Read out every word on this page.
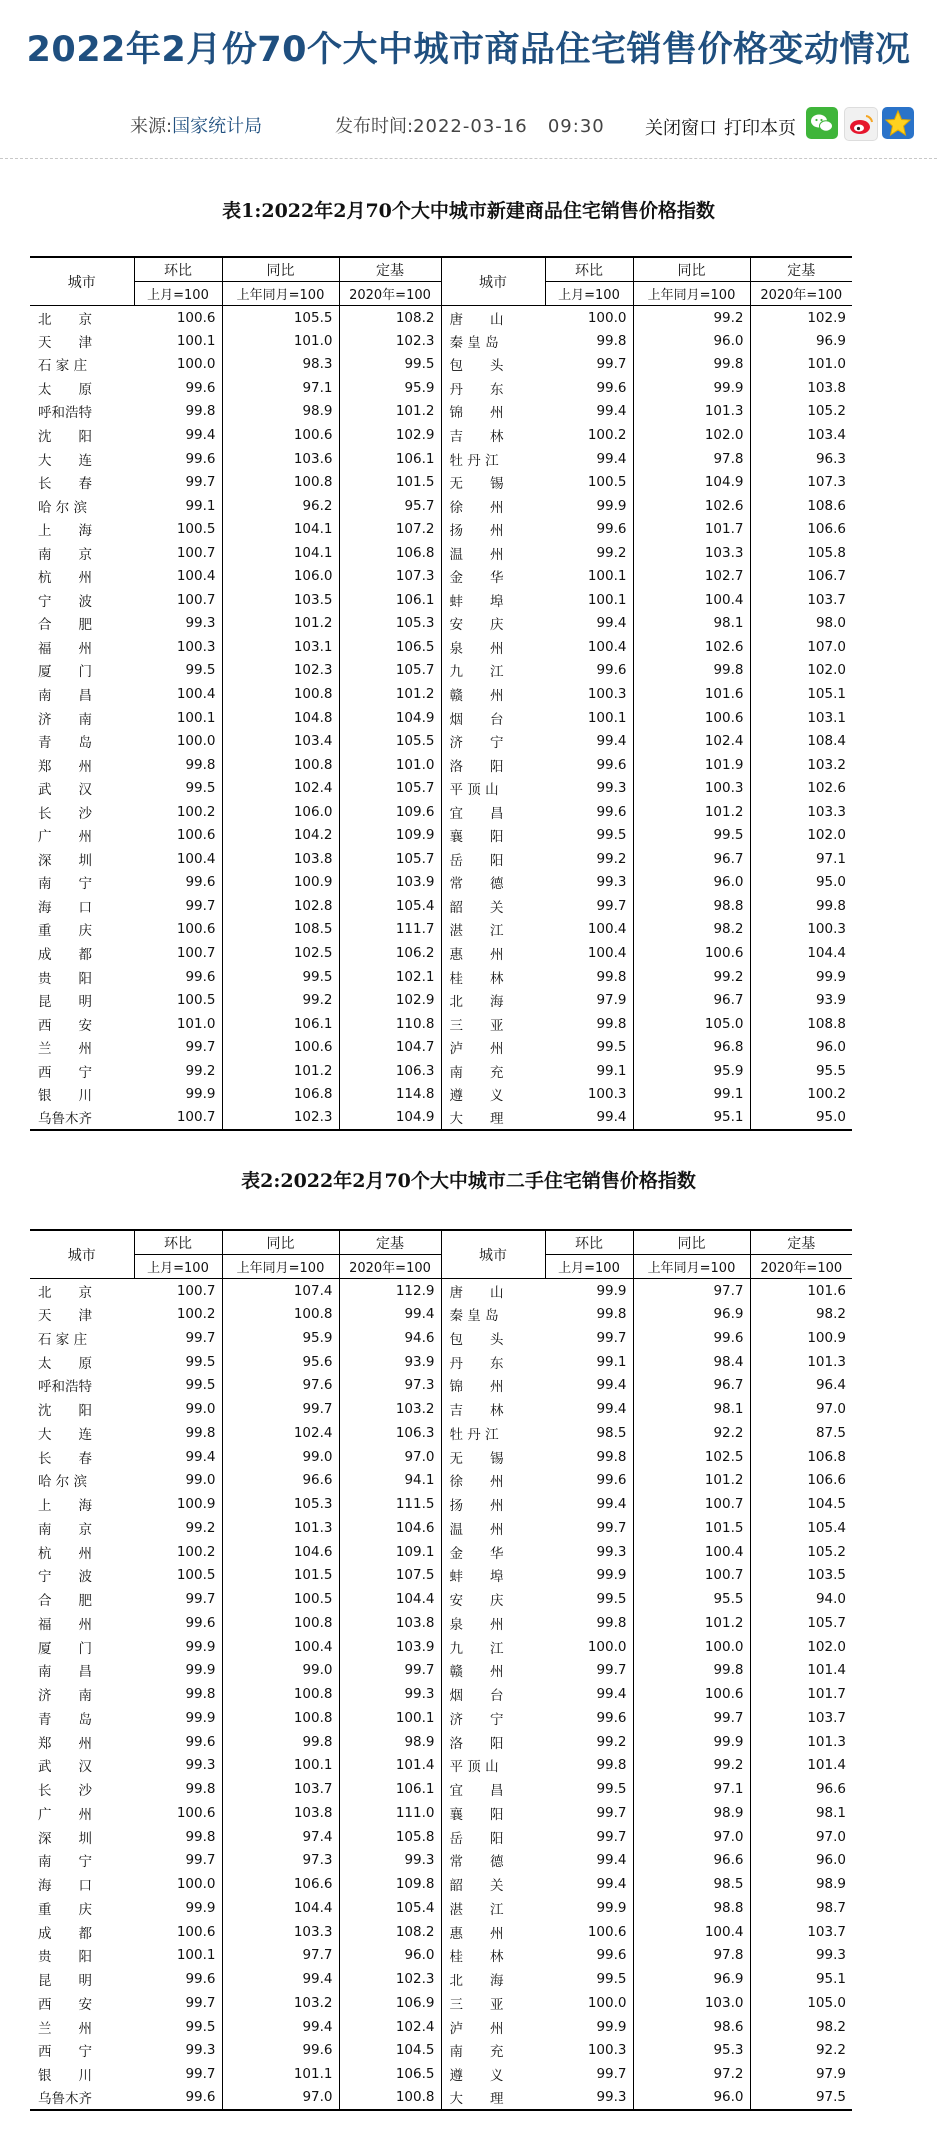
2022年2月份70个大中城市商品住宅销售价格变动情况
来源:国家统计局	发布时间:2022-03-16   09:30 关闭窗口 打印本页
表1:2022年2月70个大中城市新建商品住宅销售价格指数
城市	环比	同比	定基	城市	环比	同比	定基
	上月=100	上年同月=100	2020年=100		上月=100	上年同月=100	2020年=100
北　　京	100.6	105.5	108.2	唐　　山	100.0	99.2	102.9
天　　津	100.1	101.0	102.3	秦 皇 岛	99.8	96.0	96.9
石 家 庄	100.0	98.3	99.5	包　　头	99.7	99.8	101.0
太　　原	99.6	97.1	95.9	丹　　东	99.6	99.9	103.8
呼和浩特	99.8	98.9	101.2	锦　　州	99.4	101.3	105.2
沈　　阳	99.4	100.6	102.9	吉　　林	100.2	102.0	103.4
大　　连	99.6	103.6	106.1	牡 丹 江	99.4	97.8	96.3
长　　春	99.7	100.8	101.5	无　　锡	100.5	104.9	107.3
哈 尔 滨	99.1	96.2	95.7	徐　　州	99.9	102.6	108.6
上　　海	100.5	104.1	107.2	扬　　州	99.6	101.7	106.6
南　　京	100.7	104.1	106.8	温　　州	99.2	103.3	105.8
杭　　州	100.4	106.0	107.3	金　　华	100.1	102.7	106.7
宁　　波	100.7	103.5	106.1	蚌　　埠	100.1	100.4	103.7
合　　肥	99.3	101.2	105.3	安　　庆	99.4	98.1	98.0
福　　州	100.3	103.1	106.5	泉　　州	100.4	102.6	107.0
厦　　门	99.5	102.3	105.7	九　　江	99.6	99.8	102.0
南　　昌	100.4	100.8	101.2	赣　　州	100.3	101.6	105.1
济　　南	100.1	104.8	104.9	烟　　台	100.1	100.6	103.1
青　　岛	100.0	103.4	105.5	济　　宁	99.4	102.4	108.4
郑　　州	99.8	100.8	101.0	洛　　阳	99.6	101.9	103.2
武　　汉	99.5	102.4	105.7	平 顶 山	99.3	100.3	102.6
长　　沙	100.2	106.0	109.6	宜　　昌	99.6	101.2	103.3
广　　州	100.6	104.2	109.9	襄　　阳	99.5	99.5	102.0
深　　圳	100.4	103.8	105.7	岳　　阳	99.2	96.7	97.1
南　　宁	99.6	100.9	103.9	常　　德	99.3	96.0	95.0
海　　口	99.7	102.8	105.4	韶　　关	99.7	98.8	99.8
重　　庆	100.6	108.5	111.7	湛　　江	100.4	98.2	100.3
成　　都	100.7	102.5	106.2	惠　　州	100.4	100.6	104.4
贵　　阳	99.6	99.5	102.1	桂　　林	99.8	99.2	99.9
昆　　明	100.5	99.2	102.9	北　　海	97.9	96.7	93.9
西　　安	101.0	106.1	110.8	三　　亚	99.8	105.0	108.8
兰　　州	99.7	100.6	104.7	泸　　州	99.5	96.8	96.0
西　　宁	99.2	101.2	106.3	南　　充	99.1	95.9	95.5
银　　川	99.9	106.8	114.8	遵　　义	100.3	99.1	100.2
乌鲁木齐	100.7	102.3	104.9	大　　理	99.4	95.1	95.0
表2:2022年2月70个大中城市二手住宅销售价格指数
城市	环比	同比	定基	城市	环比	同比	定基
	上月=100	上年同月=100	2020年=100		上月=100	上年同月=100	2020年=100
北　　京	100.7	107.4	112.9	唐　　山	99.9	97.7	101.6
天　　津	100.2	100.8	99.4	秦 皇 岛	99.8	96.9	98.2
石 家 庄	99.7	95.9	94.6	包　　头	99.7	99.6	100.9
太　　原	99.5	95.6	93.9	丹　　东	99.1	98.4	101.3
呼和浩特	99.5	97.6	97.3	锦　　州	99.4	96.7	96.4
沈　　阳	99.0	99.7	103.2	吉　　林	99.4	98.1	97.0
大　　连	99.8	102.4	106.3	牡 丹 江	98.5	92.2	87.5
长　　春	99.4	99.0	97.0	无　　锡	99.8	102.5	106.8
哈 尔 滨	99.0	96.6	94.1	徐　　州	99.6	101.2	106.6
上　　海	100.9	105.3	111.5	扬　　州	99.4	100.7	104.5
南　　京	99.2	101.3	104.6	温　　州	99.7	101.5	105.4
杭　　州	100.2	104.6	109.1	金　　华	99.3	100.4	105.2
宁　　波	100.5	101.5	107.5	蚌　　埠	99.9	100.7	103.5
合　　肥	99.7	100.5	104.4	安　　庆	99.5	95.5	94.0
福　　州	99.6	100.8	103.8	泉　　州	99.8	101.2	105.7
厦　　门	99.9	100.4	103.9	九　　江	100.0	100.0	102.0
南　　昌	99.9	99.0	99.7	赣　　州	99.7	99.8	101.4
济　　南	99.8	100.8	99.3	烟　　台	99.4	100.6	101.7
青　　岛	99.9	100.8	100.1	济　　宁	99.6	99.7	103.7
郑　　州	99.6	99.8	98.9	洛　　阳	99.2	99.9	101.3
武　　汉	99.3	100.1	101.4	平 顶 山	99.8	99.2	101.4
长　　沙	99.8	103.7	106.1	宜　　昌	99.5	97.1	96.6
广　　州	100.6	103.8	111.0	襄　　阳	99.7	98.9	98.1
深　　圳	99.8	97.4	105.8	岳　　阳	99.7	97.0	97.0
南　　宁	99.7	97.3	99.3	常　　德	99.4	96.6	96.0
海　　口	100.0	106.6	109.8	韶　　关	99.4	98.5	98.9
重　　庆	99.9	104.4	105.4	湛　　江	99.9	98.8	98.7
成　　都	100.6	103.3	108.2	惠　　州	100.6	100.4	103.7
贵　　阳	100.1	97.7	96.0	桂　　林	99.6	97.8	99.3
昆　　明	99.6	99.4	102.3	北　　海	99.5	96.9	95.1
西　　安	99.7	103.2	106.9	三　　亚	100.0	103.0	105.0
兰　　州	99.5	99.4	102.4	泸　　州	99.9	98.6	98.2
西　　宁	99.3	99.6	104.5	南　　充	100.3	95.3	92.2
银　　川	99.7	101.1	106.5	遵　　义	99.7	97.2	97.9
乌鲁木齐	99.6	97.0	100.8	大　　理	99.3	96.0	97.5
